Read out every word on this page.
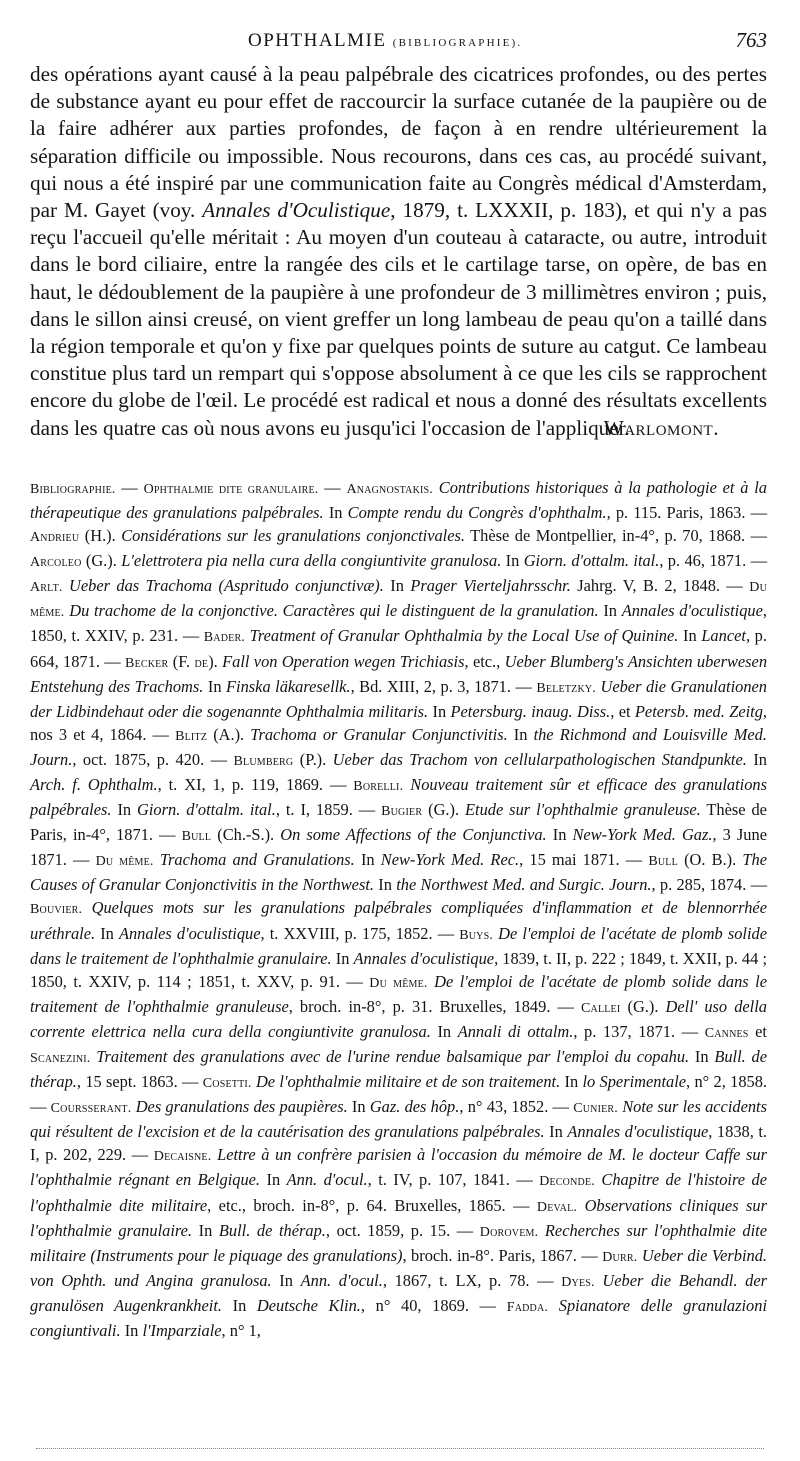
OPHTHALMIE (BIBLIOGRAPHIE).	763

des opérations ayant causé à la peau palpébrale des cicatrices profondes, ou des pertes de substance ayant eu pour effet de raccourcir la surface cutanée de la paupière ou de la faire adhérer aux parties profondes, de façon à en rendre ultérieurement la séparation difficile ou impossible. Nous recourons, dans ces cas, au procédé suivant, qui nous a été inspiré par une communication faite au Congrès médical d'Amsterdam, par M. Gayet (voy. Annales d'Oculistique, 1879, t. LXXXII, p. 183), et qui n'y a pas reçu l'accueil qu'elle méritait : Au moyen d'un couteau à cataracte, ou autre, introduit dans le bord ciliaire, entre la rangée des cils et le cartilage tarse, on opère, de bas en haut, le dédoublement de la paupière à une profondeur de 3 millimètres environ ; puis, dans le sillon ainsi creusé, on vient greffer un long lambeau de peau qu'on a taillé dans la région temporale et qu'on y fixe par quelques points de suture au catgut. Ce lambeau constitue plus tard un rempart qui s'oppose absolument à ce que les cils se rapprochent encore du globe de l'œil. Le procédé est radical et nous a donné des résultats excellents dans les quatre cas où nous avons eu jusqu'ici l'occasion de l'appliquer.
Warlomont.

Bibliographie. — Ophthalmie dite granulaire. — Anagnostakis. Contributions historiques à la pathologie et à la thérapeutique des granulations palpébrales. In Compte rendu du Congrès d'ophthalm., p. 115. Paris, 1863. — Andrieu (H.). Considérations sur les granulations conjonctivales. Thèse de Montpellier, in-4°, p. 70, 1868. — Arcoleo (G.). L'elettrotera pia nella cura della congiuntivite granulosa. In Giorn. d'ottalm. ital., p. 46, 1871. — Arlt. Ueber das Trachoma (Aspritudo conjunctivæ). In Prager Vierteljahrsschr. Jahrg. V, B. 2, 1848. — Du même. Du trachome de la conjonctive. Caractères qui le distinguent de la granulation. In Annales d'oculistique, 1850, t. XXIV, p. 231. — Bader. Treatment of Granular Ophthalmia by the Local Use of Quinine. In Lancet, p. 664, 1871. — Becker (F. de). Fall von Operation wegen Trichiasis, etc., Ueber Blumberg's Ansichten uberwesen Entstehung des Trachoms. In Finska läkaresellk., Bd. XIII, 2, p. 3, 1871. — Beletzky. Ueber die Granulationen der Lidbindehaut oder die sogenannte Ophthalmia militaris. In Petersburg. inaug. Diss., et Petersb. med. Zeitg, nos 3 et 4, 1864. — Blitz (A.). Trachoma or Granular Conjunctivitis. In the Richmond and Louisville Med. Journ., oct. 1875, p. 420. — Blumberg (P.). Ueber das Trachom von cellularpathologischen Standpunkte. In Arch. f. Ophthalm., t. XI, 1, p. 119, 1869. — Borelli. Nouveau traitement sûr et efficace des granulations palpébrales. In Giorn. d'ottalm. ital., t. I, 1859. — Bugier (G.). Etude sur l'ophthalmie granuleuse. Thèse de Paris, in-4°, 1871. — Bull (Ch.-S.). On some Affections of the Conjunctiva. In New-York Med. Gaz., 3 June 1871. — Du même. Trachoma and Granulations. In New-York Med. Rec., 15 mai 1871. — Bull (O. B.). The Causes of Granular Conjonctivitis in the Northwest. In the Northwest Med. and Surgic. Journ., p. 285, 1874. — Bouvier. Quelques mots sur les granulations palpébrales compliquées d'inflammation et de blennorrhée uréthrale. In Annales d'oculistique, t. XXVIII, p. 175, 1852. — Buys. De l'emploi de l'acétate de plomb solide dans le traitement de l'ophthalmie granulaire. In Annales d'oculistique, 1839, t. II, p. 222 ; 1849, t. XXII, p. 44 ; 1850, t. XXIV, p. 114 ; 1851, t. XXV, p. 91. — Du même. De l'emploi de l'acétate de plomb solide dans le traitement de l'ophthalmie granuleuse, broch. in-8°, p. 31. Bruxelles, 1849. — Callei (G.). Dell' uso della corrente elettrica nella cura della congiuntivite granulosa. In Annali di ottalm., p. 137, 1871. — Cannes et Scanezini. Traitement des granulations avec de l'urine rendue balsamique par l'emploi du copahu. In Bull. de thérap., 15 sept. 1863. — Cosetti. De l'ophthalmie militaire et de son traitement. In lo Sperimentale, n° 2, 1858. — Coursserant. Des granulations des paupières. In Gaz. des hôp., n° 43, 1852. — Cunier. Note sur les accidents qui résultent de l'excision et de la cautérisation des granulations palpébrales. In Annales d'oculistique, 1838, t. I, p. 202, 229. — Decaisne. Lettre à un confrère parisien à l'occasion du mémoire de M. le docteur Caffe sur l'ophthalmie régnant en Belgique. In Ann. d'ocul., t. IV, p. 107, 1841. — Deconde. Chapitre de l'histoire de l'ophthalmie dite militaire, etc., broch. in-8°, p. 64. Bruxelles, 1865. — Deval. Observations cliniques sur l'ophthalmie granulaire. In Bull. de thérap., oct. 1859, p. 15. — Dorovem. Recherches sur l'ophthalmie dite militaire (Instruments pour le piquage des granulations), broch. in-8°. Paris, 1867. — Durr. Ueber die Verbind. von Ophth. und Angina granulosa. In Ann. d'ocul., 1867, t. LX, p. 78. — Dyes. Ueber die Behandl. der granulösen Augenkrankheit. In Deutsche Klin., n° 40, 1869. — Fadda. Spianatore delle granulazioni congiuntivali. In l'Imparziale, n° 1,
